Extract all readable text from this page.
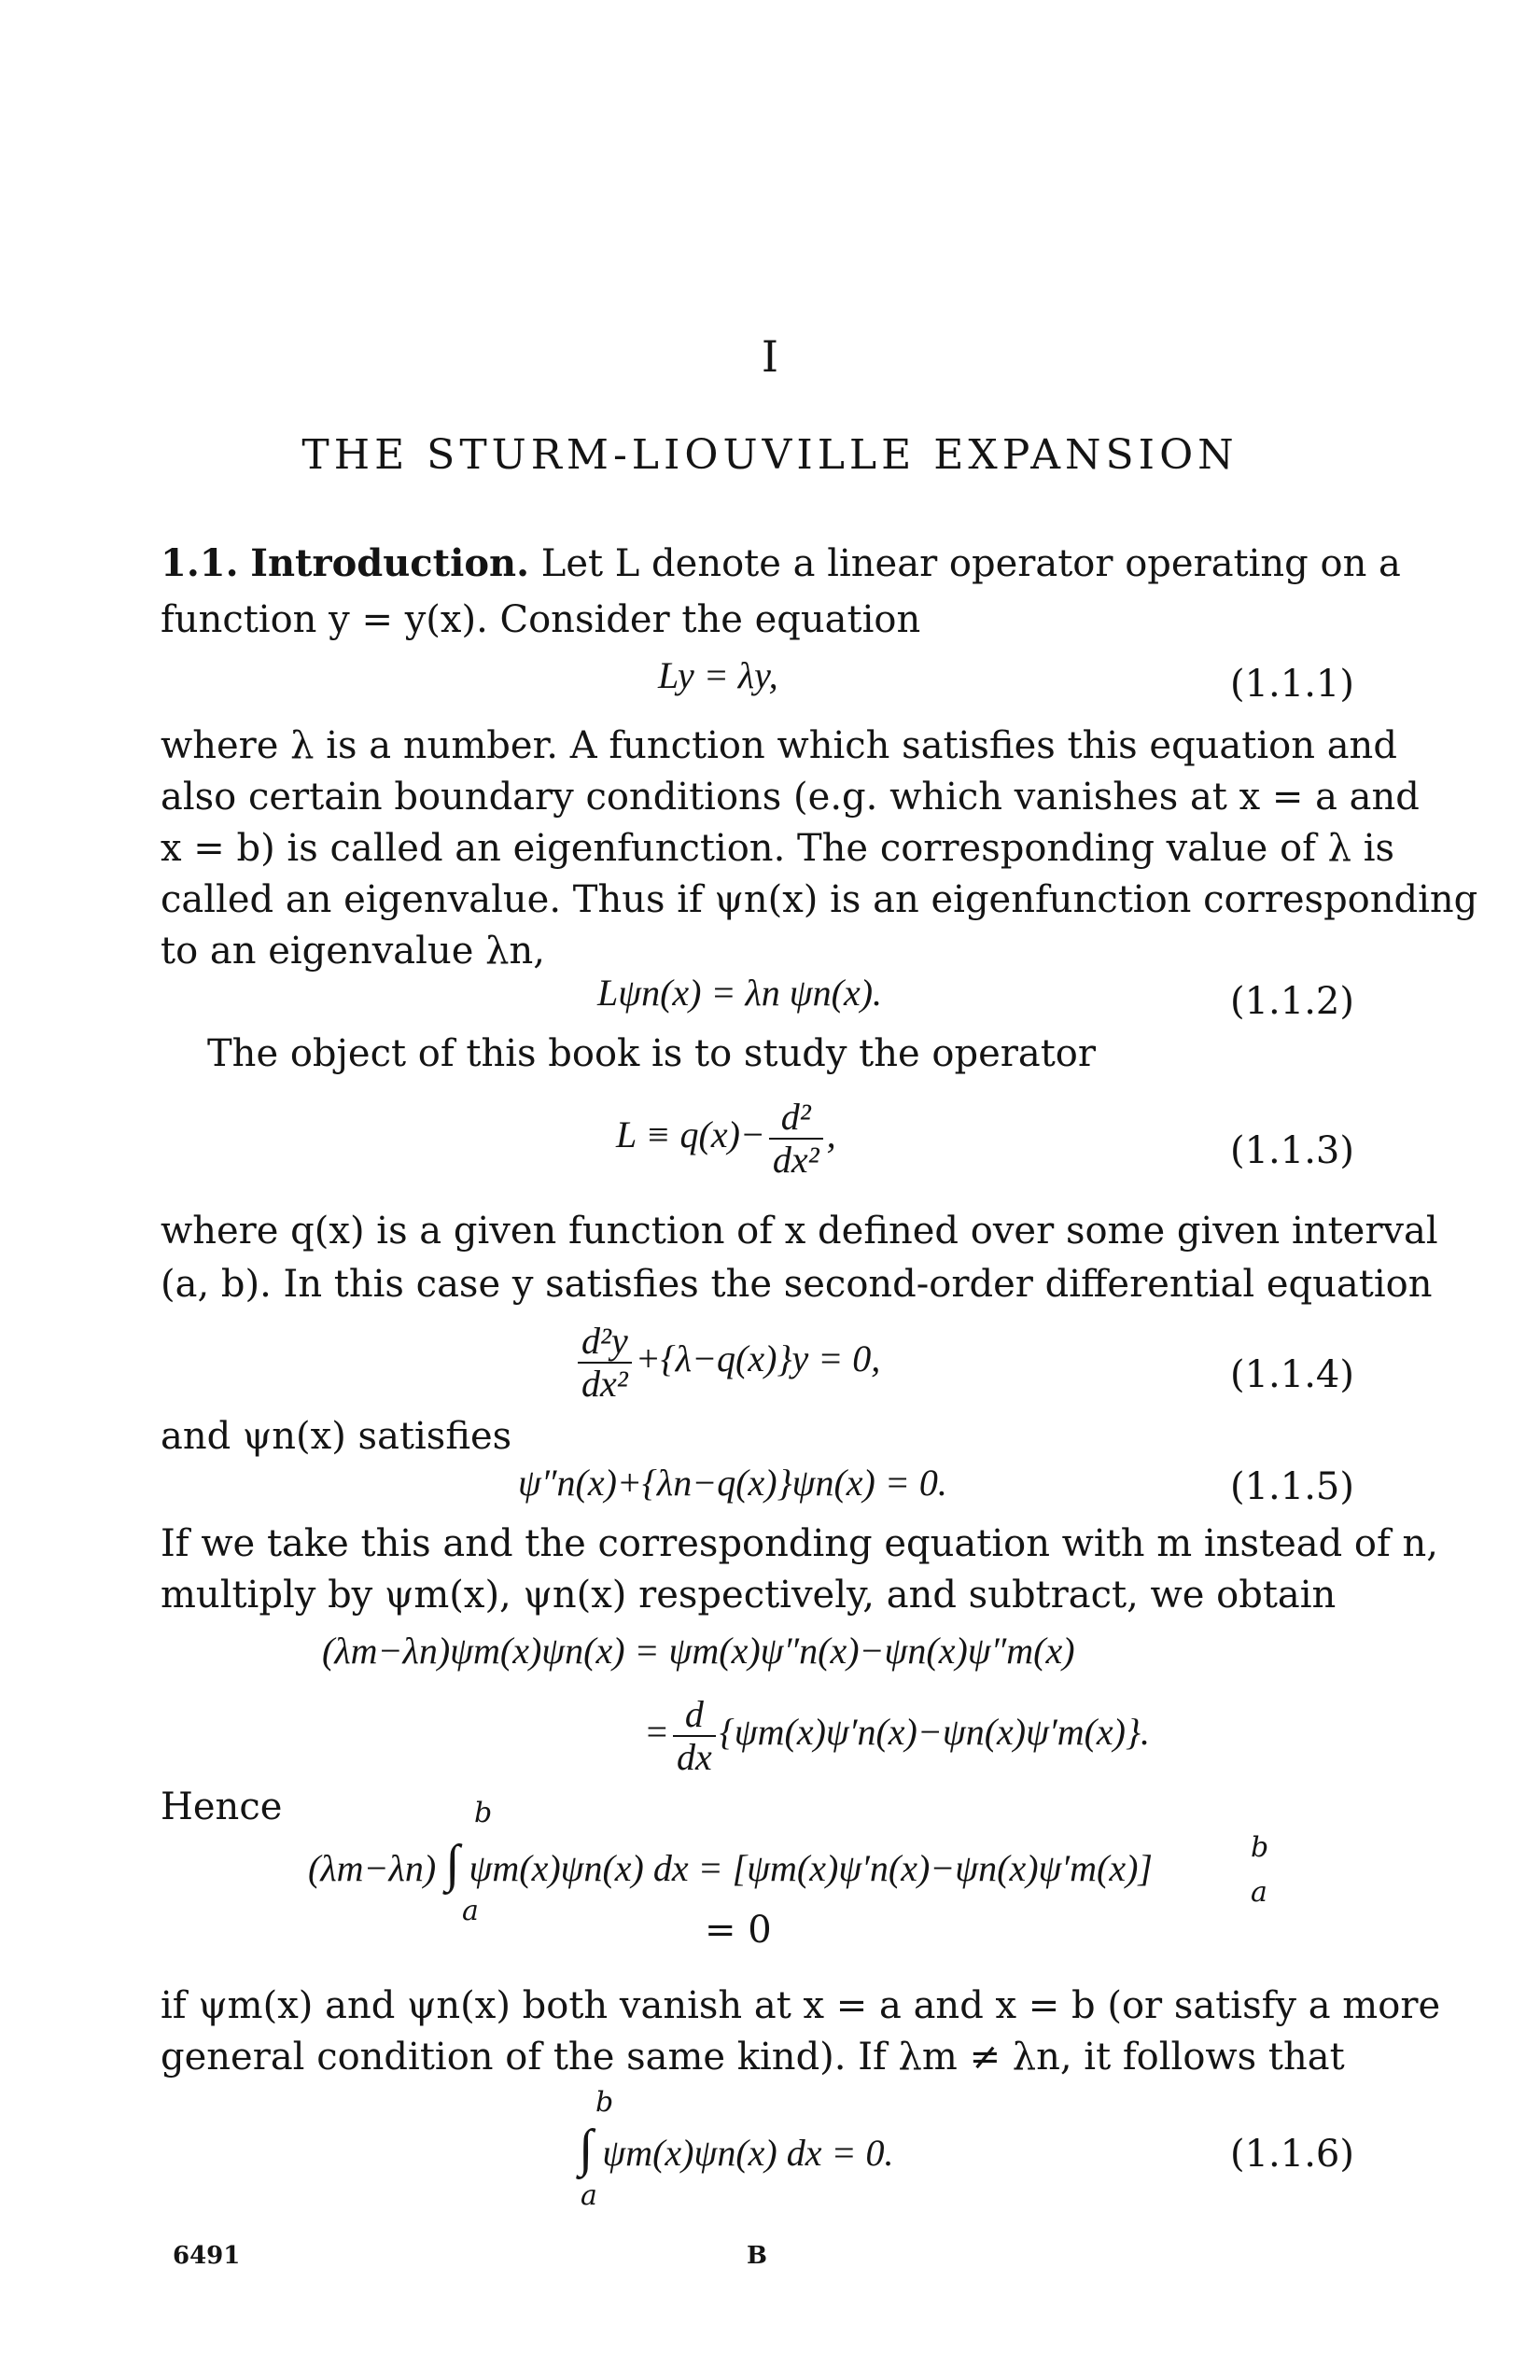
I
THE STURM-LIOUVILLE EXPANSION
1.1. Introduction. Let L denote a linear operator operating on a
function y = y(x). Consider the equation
Ly = λy,	(1.1.1)
where λ is a number. A function which satisfies this equation and
also certain boundary conditions (e.g. which vanishes at x = a and
x = b) is called an eigenfunction. The corresponding value of λ is
called an eigenvalue. Thus if ψn(x) is an eigenfunction corresponding
to an eigenvalue λn,
Lψn(x) = λn ψn(x).	(1.1.2)
The object of this book is to study the operator
$L \equiv q(x)- \frac{\text{d²}}{\text{dx²}}$ ,	(1.1.3)
where q(x) is a given function of x defined over some given interval
(a, b). In this case y satisfies the second-order differential equation
$\frac{\text{d²y}}{\text{dx²}} +\{\lambda-q(x)\}y = 0$,	(1.1.4)
and ψn(x) satisfies
ψ″n(x)+{λn−q(x)}ψn(x) = 0.	(1.1.5)
If we take this and the corresponding equation with m instead of n,
multiply by ψm(x), ψn(x) respectively, and subtract, we obtain
(λm−λn)ψm(x)ψn(x) = ψm(x)ψ″n(x)−ψn(x)ψ″m(x)
= $\frac{d}{dx} \{\psi m(x)\psi'n(x)-\psi n(x)\psi'm(x)\}$.
Hence	b
(λm−λn) ∫ ψm(x)ψn(x) dx = [ψm(x)ψ′n(x)−ψn(x)ψ′m(x)]	b
a
a	= 0
if ψm(x) and ψn(x) both vanish at x = a and x = b (or satisfy a more
general condition of the same kind). If λm ≠ λn, it follows that
b
∫ ψm(x)ψn(x) dx = 0.
a
(1.1.6)
6491	B
